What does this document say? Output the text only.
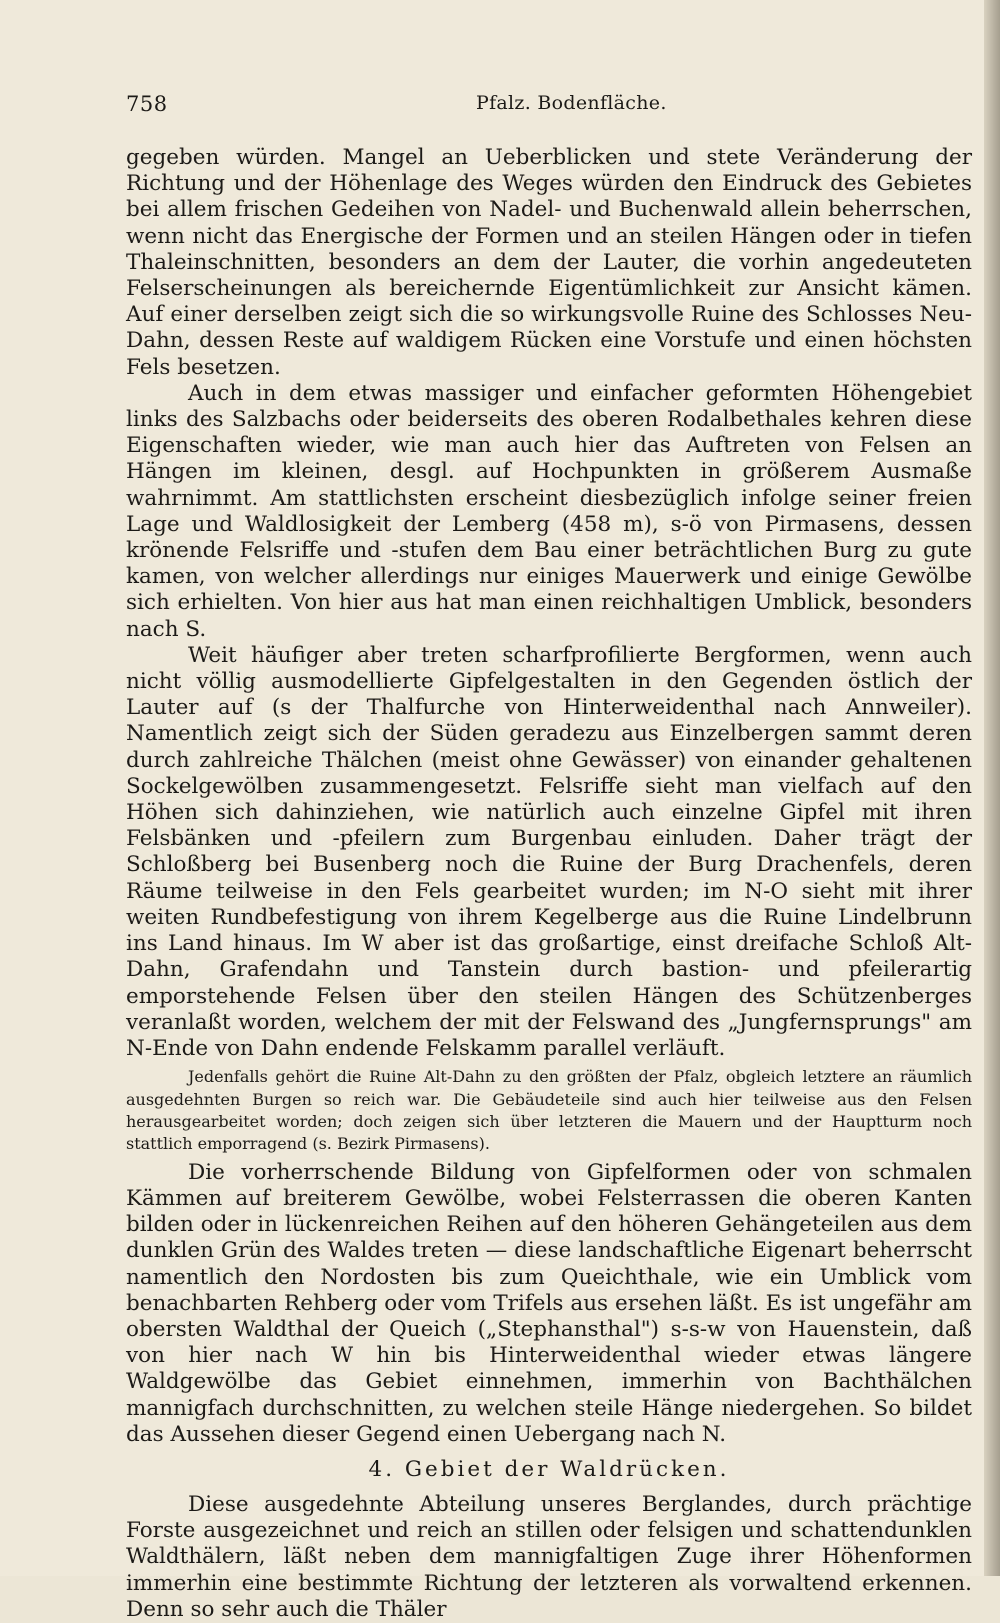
758	Pfalz. Bodenfläche.

gegeben würden. Mangel an Ueberblicken und stete Veränderung der Richtung und der Höhenlage des Weges würden den Eindruck des Gebietes bei allem frischen Gedeihen von Nadel- und Buchenwald allein beherrschen, wenn nicht das Energische der Formen und an steilen Hängen oder in tiefen Thaleinschnitten, besonders an dem der Lauter, die vorhin angedeuteten Felserscheinungen als bereichernde Eigentümlichkeit zur Ansicht kämen. Auf einer derselben zeigt sich die so wirkungsvolle Ruine des Schlosses Neu-Dahn, dessen Reste auf waldigem Rücken eine Vorstufe und einen höchsten Fels besetzen.

Auch in dem etwas massiger und einfacher geformten Höhengebiet links des Salzbachs oder beiderseits des oberen Rodalbethales kehren diese Eigenschaften wieder, wie man auch hier das Auftreten von Felsen an Hängen im kleinen, desgl. auf Hochpunkten in größerem Ausmaße wahrnimmt. Am stattlichsten erscheint diesbezüglich infolge seiner freien Lage und Waldlosigkeit der Lemberg (458 m), s-ö von Pirmasens, dessen krönende Felsriffe und -stufen dem Bau einer beträchtlichen Burg zu gute kamen, von welcher allerdings nur einiges Mauerwerk und einige Gewölbe sich erhielten. Von hier aus hat man einen reichhaltigen Umblick, besonders nach S.

Weit häufiger aber treten scharfprofilierte Bergformen, wenn auch nicht völlig ausmodellierte Gipfelgestalten in den Gegenden östlich der Lauter auf (s der Thalfurche von Hinterweidenthal nach Annweiler). Namentlich zeigt sich der Süden geradezu aus Einzelbergen sammt deren durch zahlreiche Thälchen (meist ohne Gewässer) von einander gehaltenen Sockelgewölben zusammengesetzt. Felsriffe sieht man vielfach auf den Höhen sich dahinziehen, wie natürlich auch einzelne Gipfel mit ihren Felsbänken und -pfeilern zum Burgenbau einluden. Daher trägt der Schloßberg bei Busenberg noch die Ruine der Burg Drachenfels, deren Räume teilweise in den Fels gearbeitet wurden; im N-O sieht mit ihrer weiten Rundbefestigung von ihrem Kegelberge aus die Ruine Lindelbrunn ins Land hinaus. Im W aber ist das großartige, einst dreifache Schloß Alt-Dahn, Grafendahn und Tanstein durch bastion- und pfeilerartig emporstehende Felsen über den steilen Hängen des Schützenberges veranlaßt worden, welchem der mit der Felswand des „Jungfernsprungs" am N-Ende von Dahn endende Felskamm parallel verläuft.

Jedenfalls gehört die Ruine Alt-Dahn zu den größten der Pfalz, obgleich letztere an räumlich ausgedehnten Burgen so reich war. Die Gebäudeteile sind auch hier teilweise aus den Felsen herausgearbeitet worden; doch zeigen sich über letzteren die Mauern und der Hauptturm noch stattlich emporragend (s. Bezirk Pirmasens).

Die vorherrschende Bildung von Gipfelformen oder von schmalen Kämmen auf breiterem Gewölbe, wobei Felsterrassen die oberen Kanten bilden oder in lückenreichen Reihen auf den höheren Gehängeteilen aus dem dunklen Grün des Waldes treten — diese landschaftliche Eigenart beherrscht namentlich den Nordosten bis zum Queichthale, wie ein Umblick vom benachbarten Rehberg oder vom Trifels aus ersehen läßt. Es ist ungefähr am obersten Waldthal der Queich („Stephansthal") s-s-w von Hauenstein, daß von hier nach W hin bis Hinterweidenthal wieder etwas längere Waldgewölbe das Gebiet einnehmen, immerhin von Bachthälchen mannigfach durchschnitten, zu welchen steile Hänge niedergehen. So bildet das Aussehen dieser Gegend einen Uebergang nach N.

4. Gebiet der Waldrücken.

Diese ausgedehnte Abteilung unseres Berglandes, durch prächtige Forste ausgezeichnet und reich an stillen oder felsigen und schattendunklen Waldthälern, läßt neben dem mannigfaltigen Zuge ihrer Höhenformen immerhin eine bestimmte Richtung der letzteren als vorwaltend erkennen. Denn so sehr auch die Thäler
